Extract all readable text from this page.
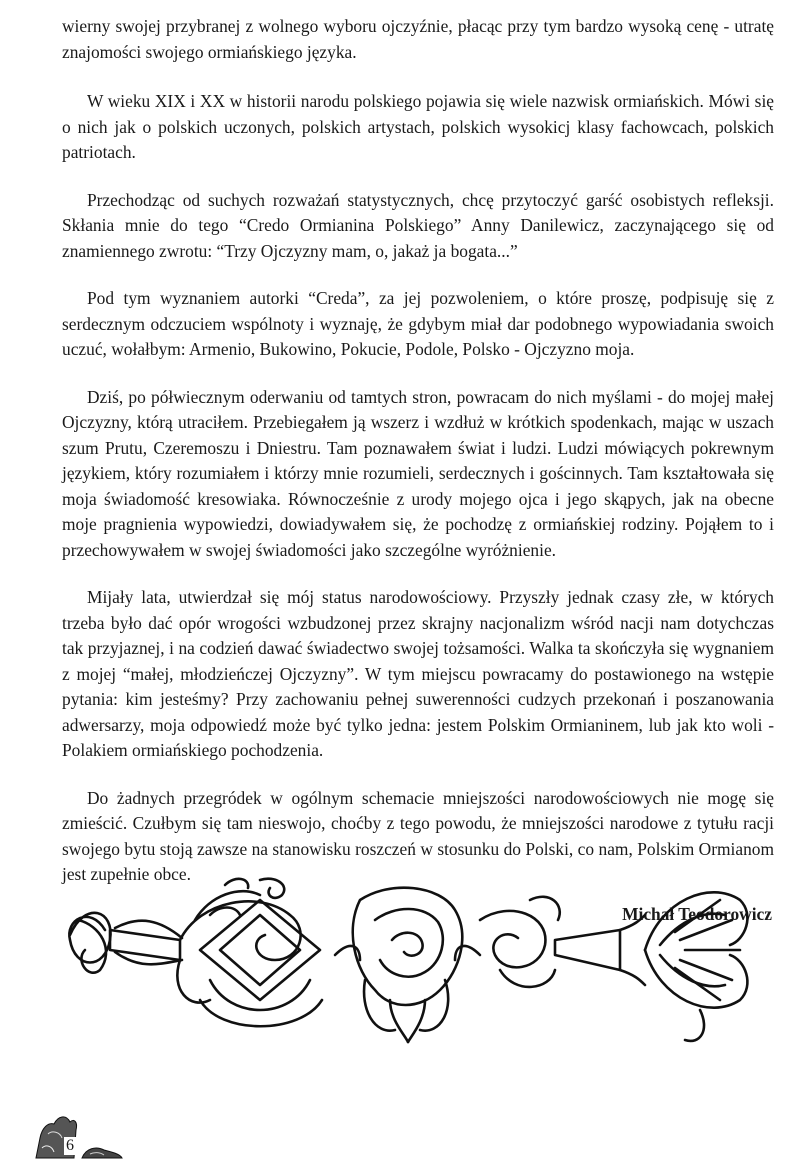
wierny swojej przybranej z wolnego wyboru ojczyźnie, płacąc przy tym bardzo wysoką cenę - utratę znajomości swojego ormiańskiego języka.

W wieku XIX i XX w historii narodu polskiego pojawia się wiele nazwisk ormiańskich. Mówi się o nich jak o polskich uczonych, polskich artystach, polskich wysokicj klasy fachowcach, polskich patriotach.

Przechodząc od suchych rozważań statystycznych, chcę przytoczyć garść osobistych refleksji. Skłania mnie do tego “Credo Ormianina Polskiego” Anny Danilewicz, zaczynającego się od znamiennego zwrotu: “Trzy Ojczyzny mam, o, jakaż ja bogata...”

Pod tym wyznaniem autorki “Creda”, za jej pozwoleniem, o które proszę, podpisuję się z serdecznym odczuciem wspólnoty i wyznaję, że gdybym miał dar podobnego wypowiadania swoich uczuć, wołałbym: Armenio, Bukowino, Pokucie, Podole, Polsko - Ojczyzno moja.

Dziś, po półwiecznym oderwaniu od tamtych stron, powracam do nich myślami - do mojej małej Ojczyzny, którą utraciłem. Przebiegałem ją wszerz i wzdłuż w krótkich spodenkach, mając w uszach szum Prutu, Czeremoszu i Dniestru. Tam poznawałem świat i ludzi. Ludzi mówiących pokrewnym językiem, który rozumiałem i którzy mnie rozumieli, serdecznych i gościnnych. Tam kształtowała się moja świadomość kresowiaka. Równocześnie z urody mojego ojca i jego skąpych, jak na obecne moje pragnienia wypowiedzi, dowiadywałem się, że pochodzę z ormiańskiej rodziny. Pojąłem to i przechowywałem w swojej świadomości jako szczególne wyróżnienie.

Mijały lata, utwierdzał się mój status narodowościowy. Przyszły jednak czasy złe, w których trzeba było dać opór wrogości wzbudzonej przez skrajny nacjonalizm wśród nacji nam dotychczas tak przyjaznej, i na codzień dawać świadectwo swojej tożsamości. Walka ta skończyła się wygnaniem z mojej “małej, młodzieńczej Ojczyzny”. W tym miejscu powracamy do postawionego na wstępie pytania: kim jesteśmy? Przy zachowaniu pełnej suwerenności cudzych przekonań i poszanowania adwersarzy, moja odpowiedź może być tylko jedna: jestem Polskim Ormianinem, lub jak kto woli - Polakiem ormiańskiego pochodzenia.

Do żadnych przegródek w ogólnym schemacie mniejszości narodowościowych nie mogę się zmieścić. Czułbym się tam nieswojo, choćby z tego powodu, że mniejszości narodowe z tytułu racji swojego bytu stoją zawsze na stanowisku roszczeń w stosunku do Polski, co nam, Polskim Ormianom jest zupełnie obce.

Michał Teodorowicz
6
